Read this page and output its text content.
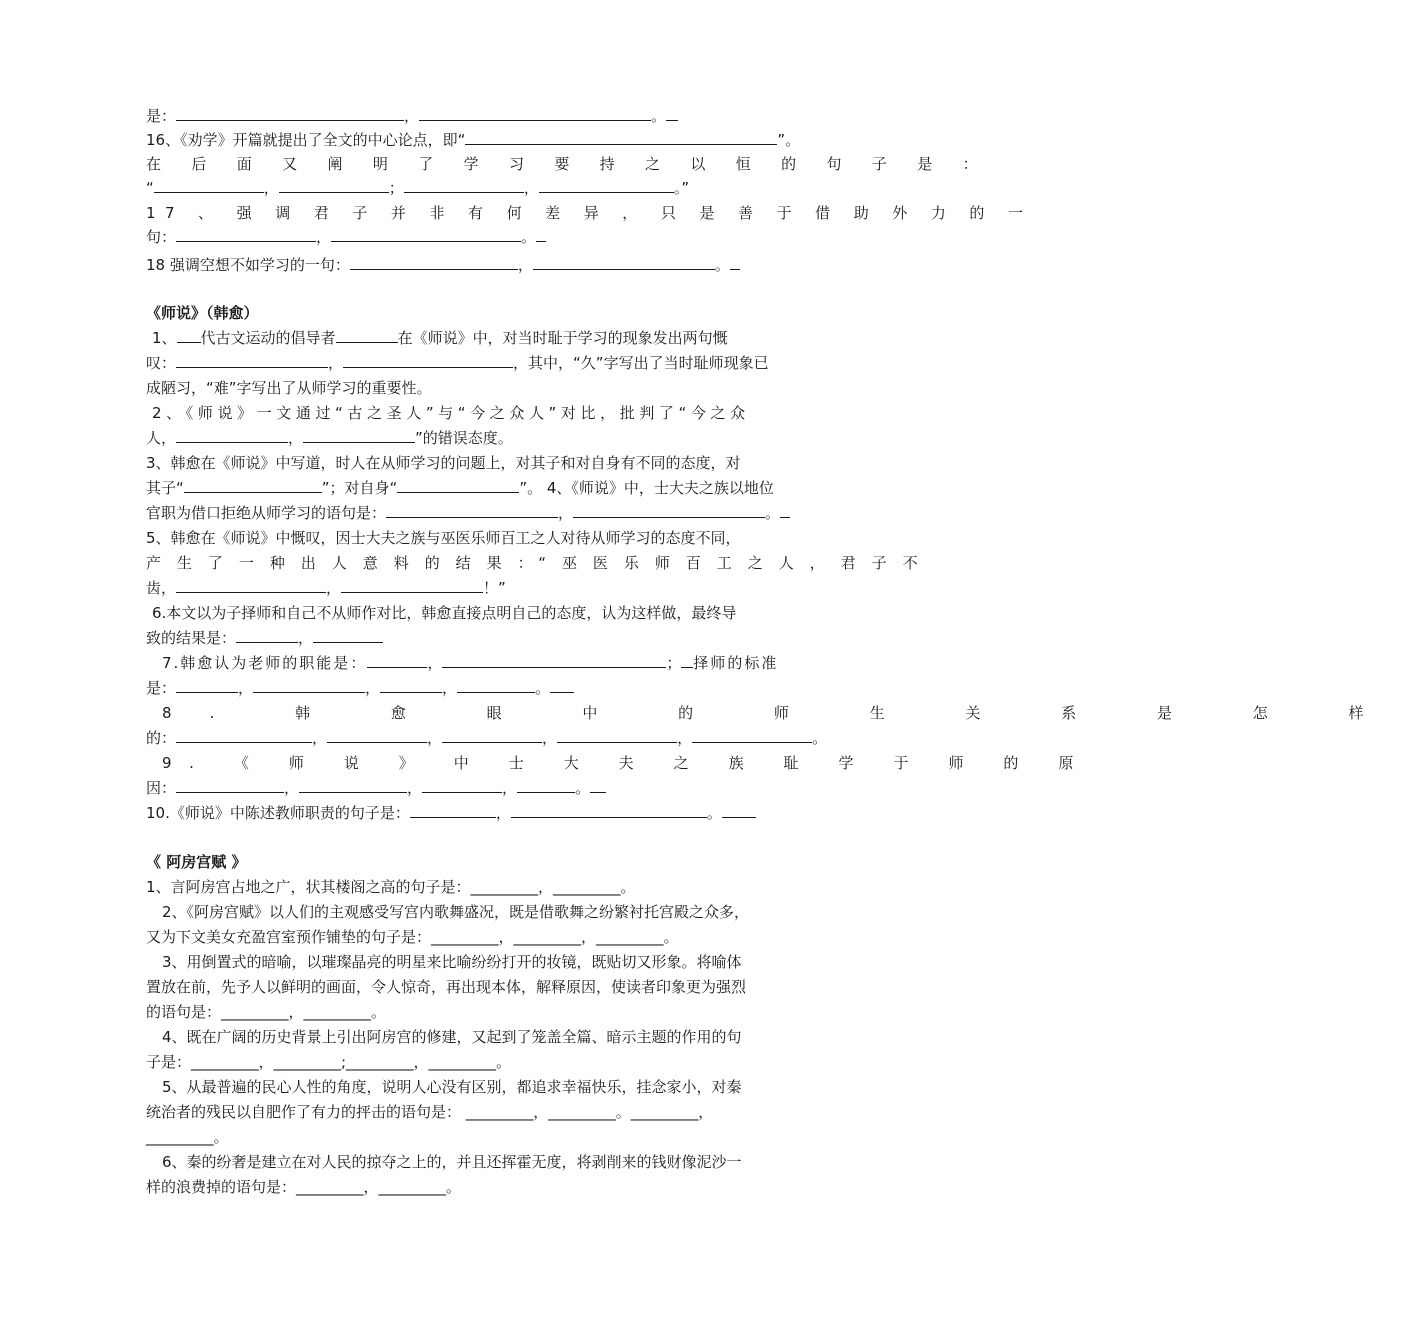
是：	，	。
16、《劝学》开篇就提出了全文的中心论点，即“	”。
在 后 面 又 阐 明 了 学 习 要 持 之 以 恒 的 句 子 是 ：
“	，	；	，	。”
17 、 强 调 君 子 并 非 有 何 差 异 ， 只 是 善 于 借 助 外 力 的 一
句：	，	。
18 强调空想不如学习的一句：	，	。
《师说》（韩愈）
1、 代古文运动的倡导者	在《师说》中，对当时耻于学习的现象发出两句慨
叹：	，	，其中，“久”字写出了当时耻师现象已
成陋习，“难”字写出了从师学习的重要性。
2、《师说》一文通过“古之圣人”与“今之众人”对比，批判了“今之众
人，	，	”的错误态度。
3、韩愈在《师说》中写道，时人在从师学习的问题上，对其子和对自身有不同的态度，对
其子“	”；对自身“	”。 4、《师说》中，士大夫之族以地位
官职为借口拒绝从师学习的语句是：	，	。
5、韩愈在《师说》中慨叹，因士大夫之族与巫医乐师百工之人对待从师学习的态度不同，
产 生 了 一 种 出 人 意 料 的 结 果 ：“ 巫 医 乐 师 百 工 之 人 ， 君 子 不
齿，	，	！”
6.本文以为子择师和自己不从师作对比，韩愈直接点明自己的态度，认为这样做，最终导
致的结果是：	，
7.韩愈认为老师的职能是：	，	； 择师的标准
是：	，	，	，	。
8. 韩 愈 眼 中 的 师 生 关 系 是 怎 样
的：	，	，	，	，	。
9. 《 师 说 》 中 士 大 夫 之 族 耻 学 于 师 的 原
因：	，	，	，	。
10.《师说》中陈述教师职责的句子是：	，	。
《 阿房宫赋 》
1、言阿房宫占地之广，状其楼阁之高的句子是：_________，_________。
2、《阿房宫赋》以人们的主观感受写宫内歌舞盛况，既是借歌舞之纷繁衬托宫殿之众多，
又为下文美女充盈宫室预作铺垫的句子是：_________，_________，_________。
3、用倒置式的暗喻，以璀璨晶亮的明星来比喻纷纷打开的妆镜，既贴切又形象。将喻体
置放在前，先予人以鲜明的画面，令人惊奇，再出现本体，解释原因，使读者印象更为强烈
的语句是：_________，_________。
4、既在广阔的历史背景上引出阿房宫的修建，又起到了笼盖全篇、暗示主题的作用的句
子是：_________，_________;_________，_________。
5、从最普遍的民心人性的角度，说明人心没有区别，都追求幸福快乐，挂念家小，对秦
统治者的残民以自肥作了有力的抨击的语句是： _________，_________。_________，
_________。
6、秦的纷奢是建立在对人民的掠夺之上的，并且还挥霍无度，将剥削来的钱财像泥沙一
样的浪费掉的语句是：_________，_________。
